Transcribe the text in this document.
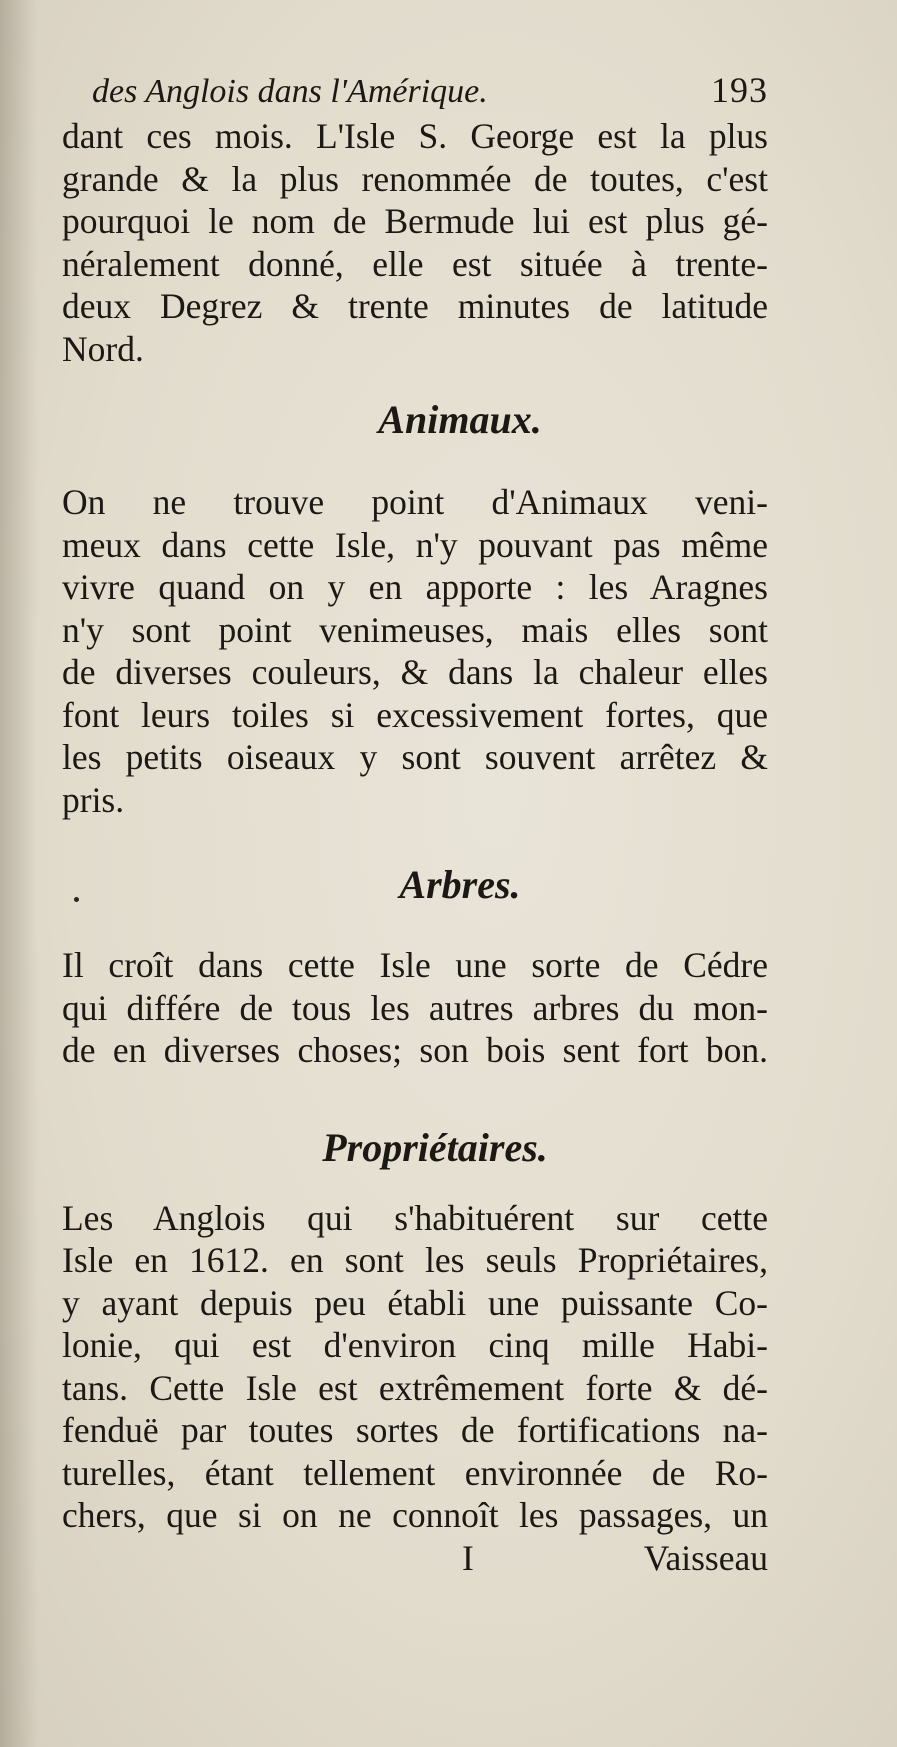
des Anglois dans l'Amérique.	193

dant ces mois. L'Isle S. George est la plus
grande & la plus renommée de toutes, c'est
pourquoi le nom de Bermude lui est plus gé-
néralement donné, elle est située à trente-
deux Degrez & trente minutes de latitude
Nord.

Animaux.

On ne trouve point d'Animaux veni-
meux dans cette Isle, n'y pouvant pas même
vivre quand on y en apporte : les Aragnes
n'y sont point venimeuses, mais elles sont
de diverses couleurs, & dans la chaleur elles
font leurs toiles si excessivement fortes, que
les petits oiseaux y sont souvent arrêtez &
pris.

Arbres.

Il croît dans cette Isle une sorte de Cédre
qui différe de tous les autres arbres du mon-
de en diverses choses; son bois sent fort bon.

Propriétaires.

Les Anglois qui s'habituérent sur cette
Isle en 1612. en sont les seuls Propriétaires,
y ayant depuis peu établi une puissante Co-
lonie, qui est d'environ cinq mille Habi-
tans. Cette Isle est extrêmement forte & dé-
fenduë par toutes sortes de fortifications na-
turelles, étant tellement environnée de Ro-
chers, que si on ne connoît les passages, un

I	Vaisseau
